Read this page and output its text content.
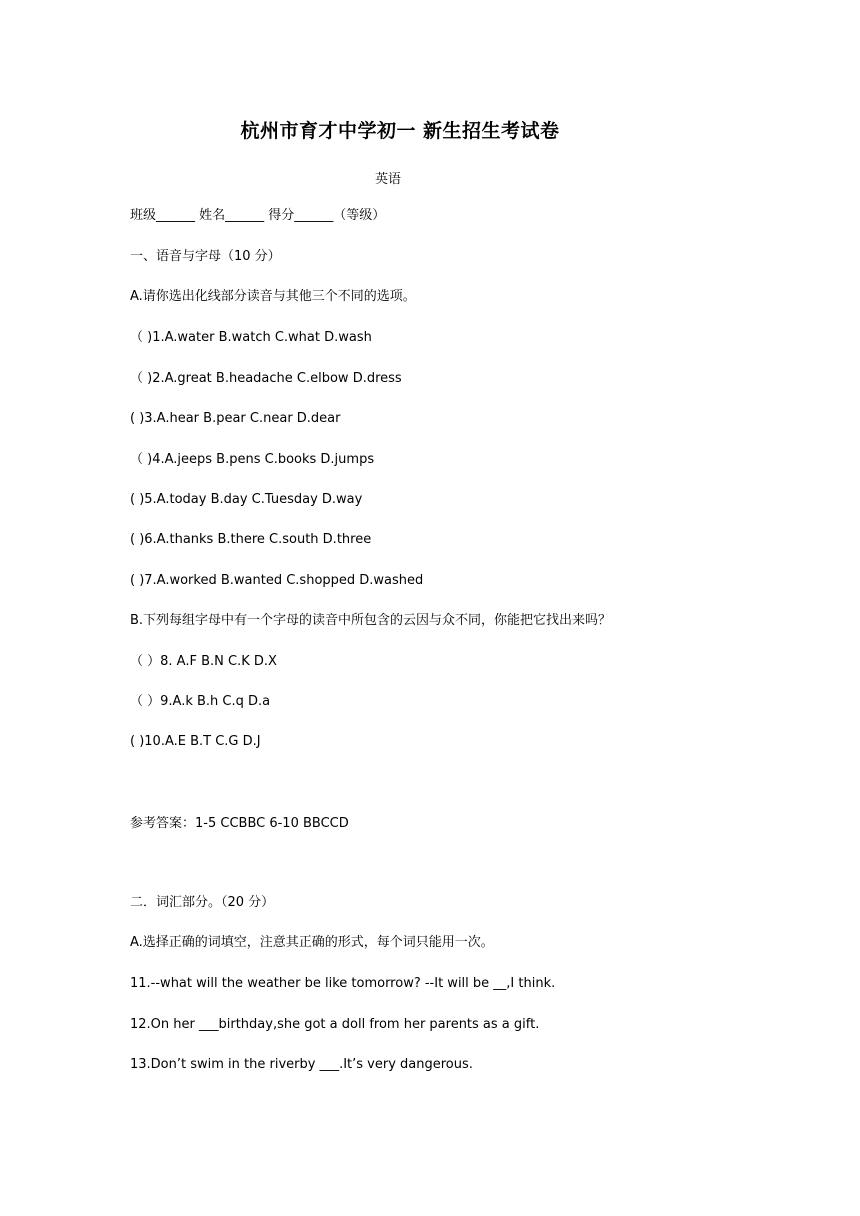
杭州市育才中学初一 新生招生考试卷
英语
班级______ 姓名______ 得分______（等级）
一、语音与字母（10 分）
A.请你选出化线部分读音与其他三个不同的选项。
（ )1.A.water B.watch C.what D.wash
（ )2.A.great B.headache C.elbow D.dress
( )3.A.hear B.pear C.near D.dear
（ )4.A.jeeps B.pens C.books D.jumps
( )5.A.today B.day C.Tuesday D.way
( )6.A.thanks B.there C.south D.three
( )7.A.worked B.wanted C.shopped D.washed
B.下列每组字母中有一个字母的读音中所包含的云因与众不同，你能把它找出来吗？
（ ）8. A.F B.N C.K D.X
（ ）9.A.k B.h C.q D.a
( )10.A.E B.T C.G D.J
参考答案：1-5 CCBBC 6-10 BBCCD
二．词汇部分。（20 分）
A.选择正确的词填空，注意其正确的形式，每个词只能用一次。
11.--what will the weather be like tomorrow? --It will be __,I think.
12.On her ___birthday,she got a doll from her parents as a gift.
13.Don’t swim in the riverby ___.It’s very dangerous.
